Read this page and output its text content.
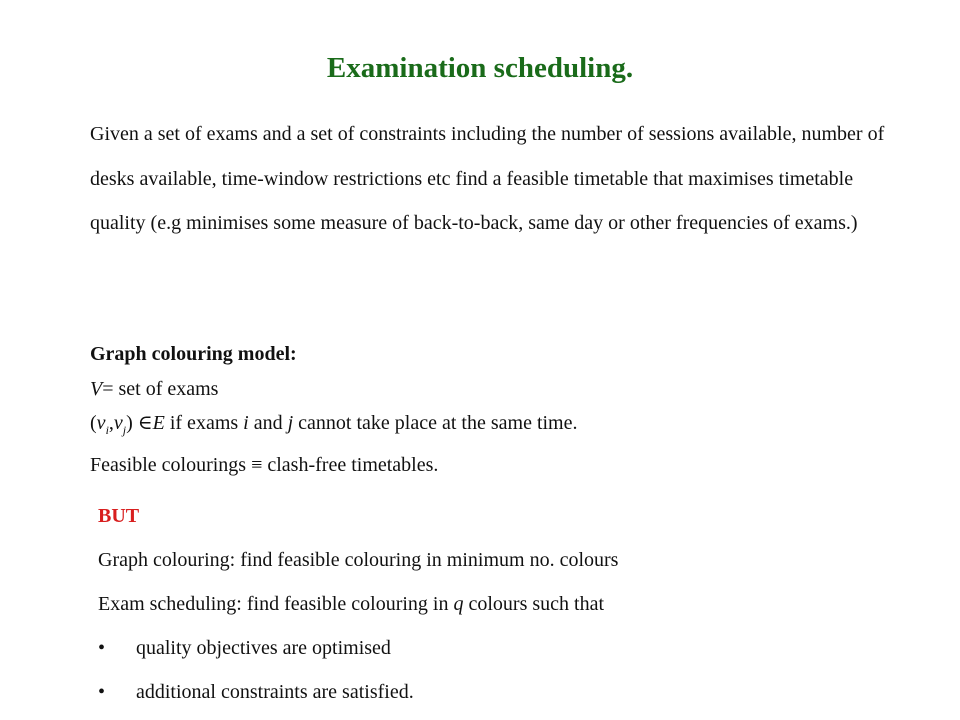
Examination scheduling.
Given a set of exams and a set of constraints including the number of sessions available, number of desks available, time-window restrictions etc find a feasible timetable that maximises timetable quality (e.g minimises some measure of back-to-back, same day or other frequencies of exams.)
Graph colouring model:
V= set of exams
$(v_i,v_j)$ ∈E if exams i and j cannot take place at the same time.
Feasible colourings ≡ clash-free timetables.
BUT
Graph colouring: find feasible colouring in minimum no. colours
Exam scheduling: find feasible colouring in q colours such that
•	quality objectives are optimised
•	additional constraints are satisfied.
